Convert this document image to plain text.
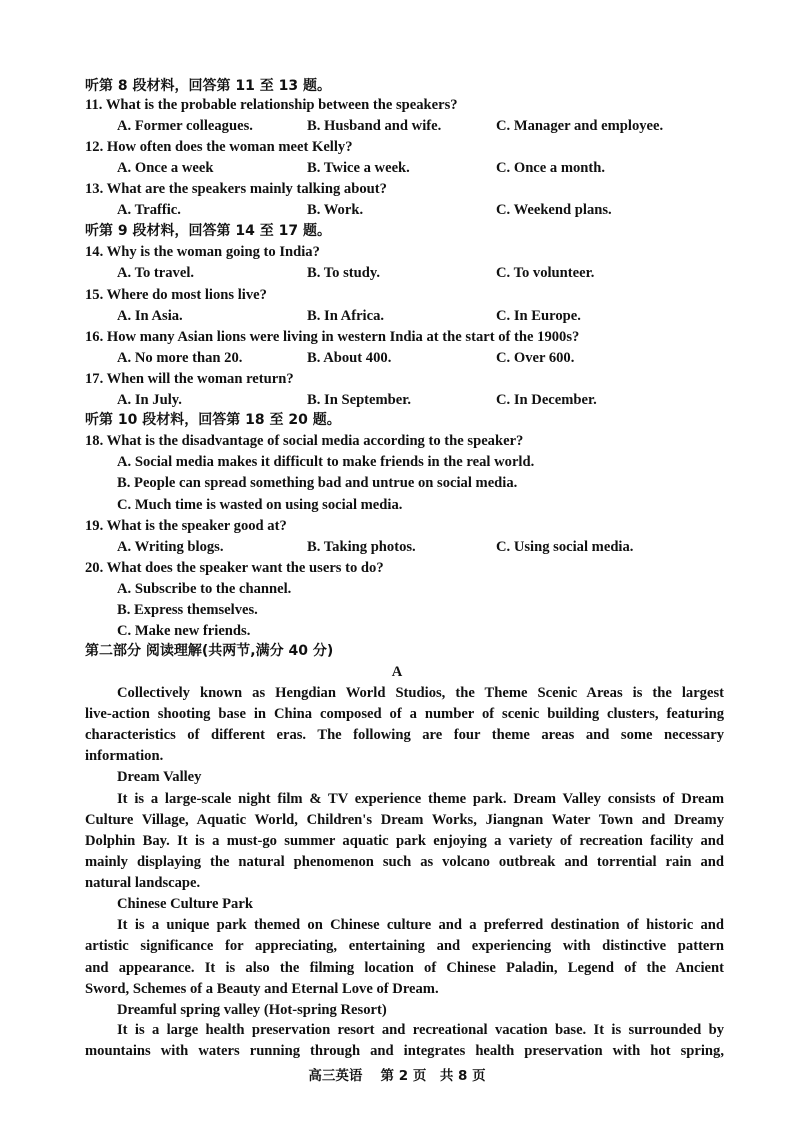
听第 8 段材料，回答第 11 至 13 题。
11. What is the probable relationship between the speakers?
A. Former colleagues.	B. Husband and wife.	C. Manager and employee.
12. How often does the woman meet Kelly?
A. Once a week	B. Twice a week.	C. Once a month.
13. What are the speakers mainly talking about?
A. Traffic.	B. Work.	C. Weekend plans.
听第 9 段材料，回答第 14 至 17 题。
14. Why is the woman going to India?
A. To travel.	B. To study.	C. To volunteer.
15. Where do most lions live?
A. In Asia.	B. In Africa.	C. In Europe.
16. How many Asian lions were living in western India at the start of the 1900s?
A. No more than 20.	B. About 400.	C. Over 600.
17. When will the woman return?
A. In July.	B. In September.	C. In December.
听第 10 段材料，回答第 18 至 20 题。
18. What is the disadvantage of social media according to the speaker?
A. Social media makes it difficult to make friends in the real world.
B. People can spread something bad and untrue on social media.
C. Much time is wasted on using social media.
19. What is the speaker good at?
A. Writing blogs.	B. Taking photos.	C. Using social media.
20. What does the speaker want the users to do?
A. Subscribe to the channel.
B. Express themselves.
C. Make new friends.
第二部分 阅读理解(共两节,满分 40 分)
A
Collectively known as Hengdian World Studios, the Theme Scenic Areas is the largest
live-action shooting base in China composed of a number of scenic building clusters, featuring
characteristics of different eras. The following are four theme areas and some necessary
information.
Dream Valley
It is a large-scale night film & TV experience theme park. Dream Valley consists of Dream
Culture Village, Aquatic World, Children's Dream Works, Jiangnan Water Town and Dreamy
Dolphin Bay. It is a must-go summer aquatic park enjoying a variety of recreation facility and
mainly displaying the natural phenomenon such as volcano outbreak and torrential rain and
natural landscape.
Chinese Culture Park
It is a unique park themed on Chinese culture and a preferred destination of historic and
artistic significance for appreciating, entertaining and experiencing with distinctive pattern
and appearance. It is also the filming location of Chinese Paladin, Legend of the Ancient
Sword, Schemes of a Beauty and Eternal Love of Dream.
Dreamful spring valley (Hot-spring Resort)
It is a large health preservation resort and recreational vacation base. It is surrounded by
mountains with waters running through and integrates health preservation with hot spring,
高三英语　 第 2 页　共 8 页
